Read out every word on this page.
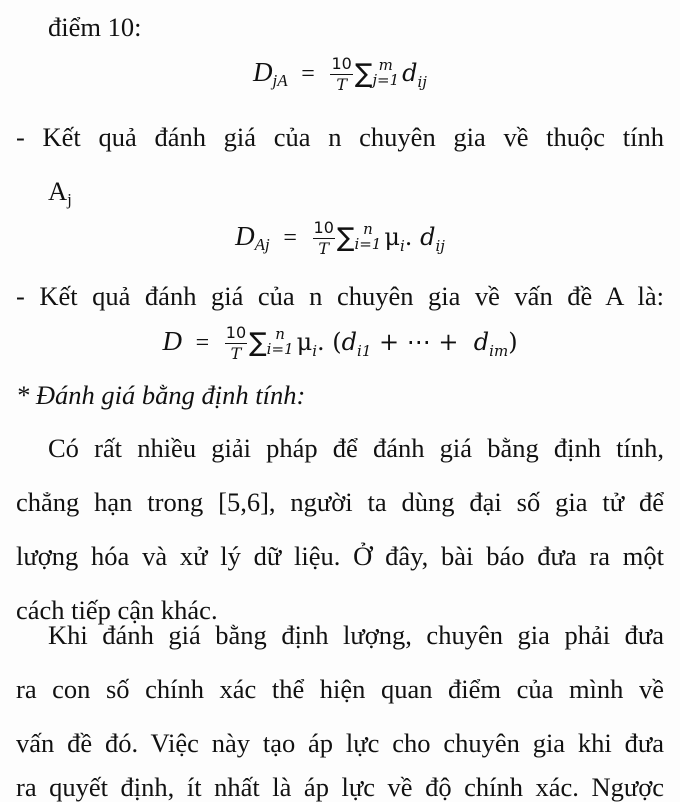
điểm 10:
$D_{jA} = \frac{10}{T}$ ∑ m
j=1 $d_{ij}$
- Kết quả đánh giá của n chuyên gia về thuộc tính
Aj
$D_{Aj} = \frac{10}{T}$ ∑ n
i=1 $\mu_i$. $d_{ij}$
- Kết quả đánh giá của n chuyên gia về vấn đề A là:
$D = \frac{10}{T}$ ∑ n
i=1 $\mu_i$. ($d_{i1}$ + ⋯ + $d_{im}$)
* Đánh giá bằng định tính:
Có rất nhiều giải pháp để đánh giá bằng định tính,
chẳng hạn trong [5,6], người ta dùng đại số gia tử để
lượng hóa và xử lý dữ liệu. Ở đây, bài báo đưa ra một
cách tiếp cận khác.
Khi đánh giá bằng định lượng, chuyên gia phải đưa
ra con số chính xác thể hiện quan điểm của mình về
vấn đề đó. Việc này tạo áp lực cho chuyên gia khi đưa
ra quyết định, ít nhất là áp lực về độ chính xác. Ngược
